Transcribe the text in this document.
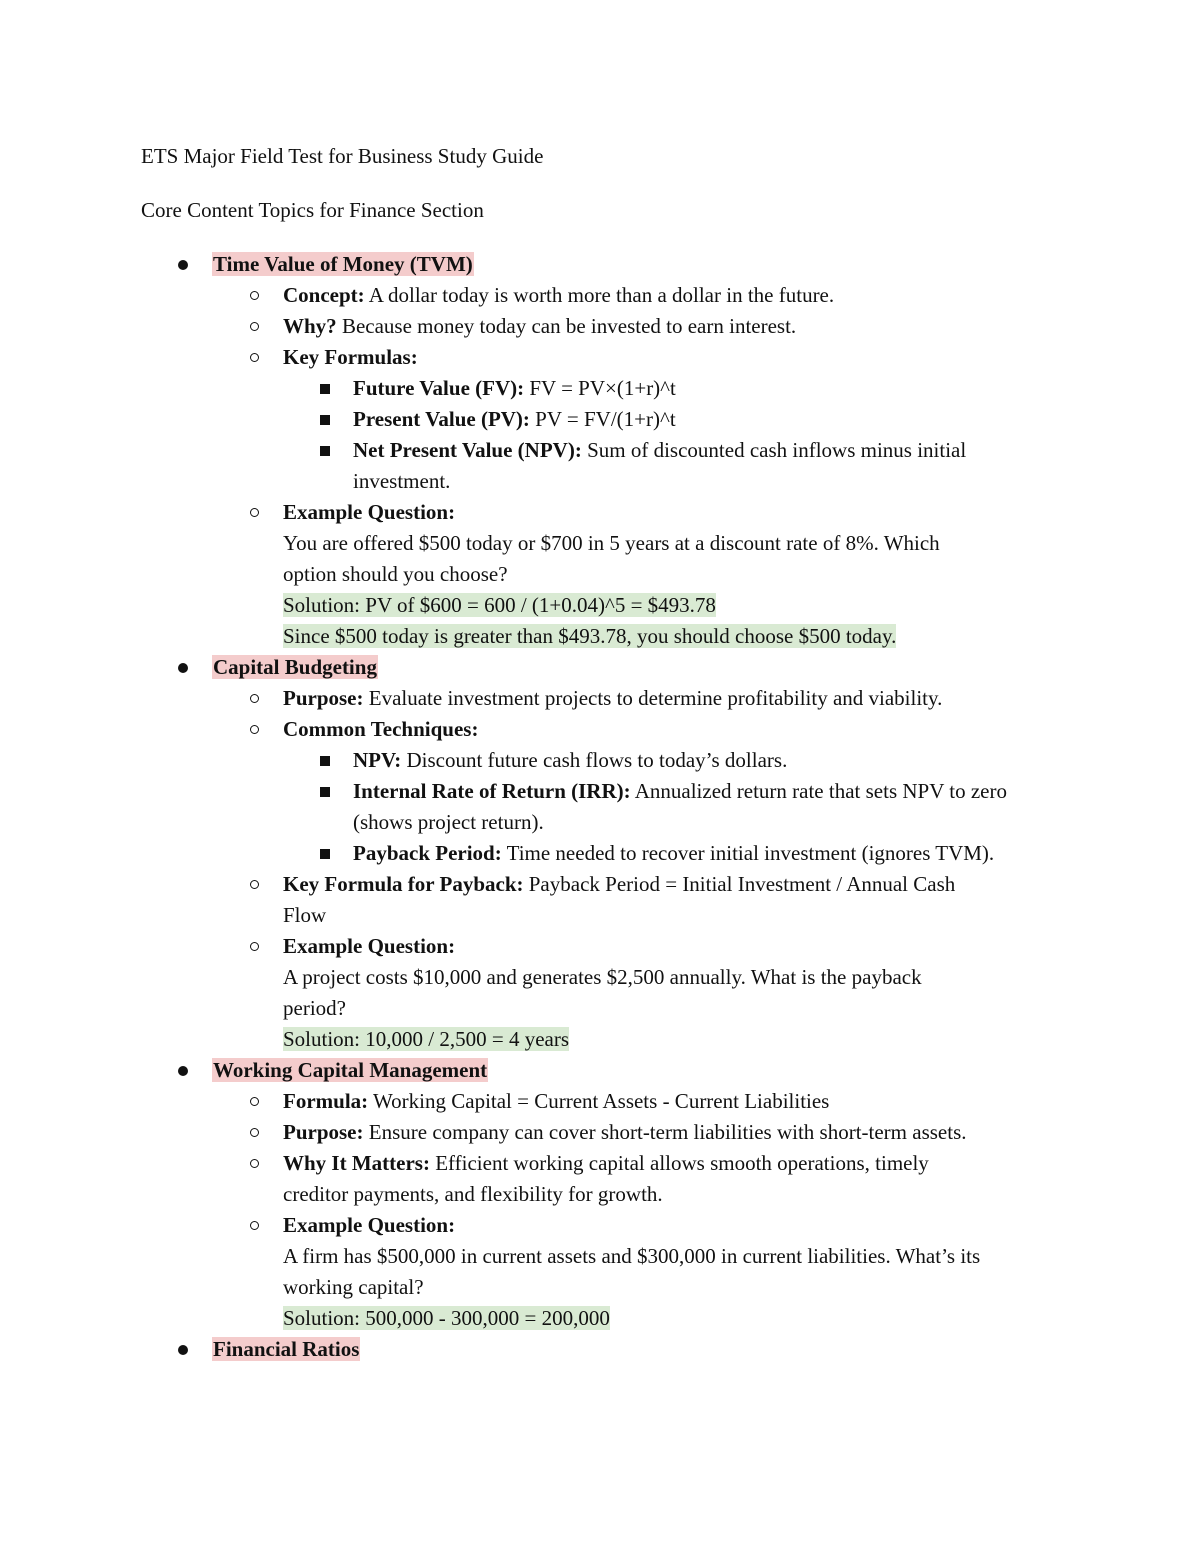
ETS Major Field Test for Business Study Guide
Core Content Topics for Finance Section
Time Value of Money (TVM)
Concept: A dollar today is worth more than a dollar in the future.
Why? Because money today can be invested to earn interest.
Key Formulas:
Future Value (FV): FV = PV×(1+r)^t
Present Value (PV): PV = FV/(1+r)^t
Net Present Value (NPV): Sum of discounted cash inflows minus initial investment.
Example Question:
You are offered $500 today or $700 in 5 years at a discount rate of 8%. Which option should you choose?
Solution: PV of $600 = 600 / (1+0.04)^5 = $493.78
Since $500 today is greater than $493.78, you should choose $500 today.
Capital Budgeting
Purpose: Evaluate investment projects to determine profitability and viability.
Common Techniques:
NPV: Discount future cash flows to today’s dollars.
Internal Rate of Return (IRR): Annualized return rate that sets NPV to zero (shows project return).
Payback Period: Time needed to recover initial investment (ignores TVM).
Key Formula for Payback: Payback Period = Initial Investment / Annual Cash Flow
Example Question:
A project costs $10,000 and generates $2,500 annually. What is the payback period?
Solution: 10,000 / 2,500 = 4 years
Working Capital Management
Formula: Working Capital = Current Assets - Current Liabilities
Purpose: Ensure company can cover short-term liabilities with short-term assets.
Why It Matters: Efficient working capital allows smooth operations, timely creditor payments, and flexibility for growth.
Example Question:
A firm has $500,000 in current assets and $300,000 in current liabilities. What’s its working capital?
Solution: 500,000 - 300,000 = 200,000
Financial Ratios
